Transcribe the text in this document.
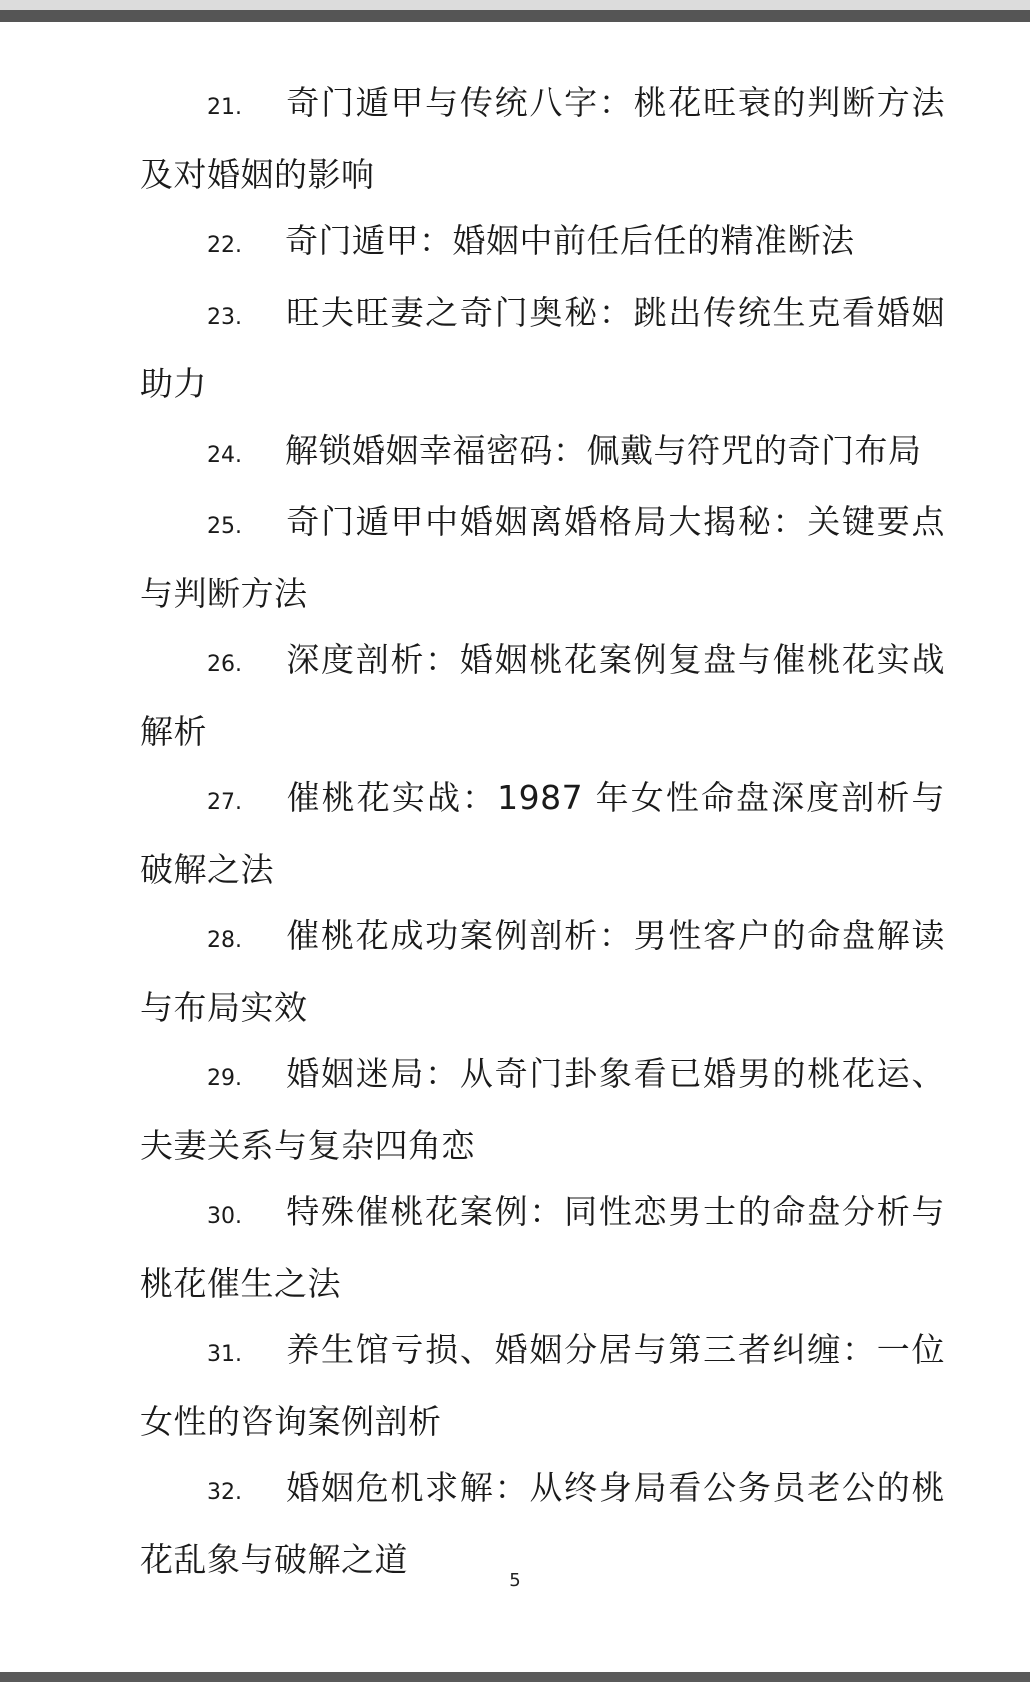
21. 奇门遁甲与传统八字：桃花旺衰的判断方法及对婚姻的影响
22. 奇门遁甲：婚姻中前任后任的精准断法
23. 旺夫旺妻之奇门奥秘：跳出传统生克看婚姻助力
24. 解锁婚姻幸福密码：佩戴与符咒的奇门布局
25. 奇门遁甲中婚姻离婚格局大揭秘：关键要点与判断方法
26. 深度剖析：婚姻桃花案例复盘与催桃花实战解析
27. 催桃花实战：1987 年女性命盘深度剖析与破解之法
28. 催桃花成功案例剖析：男性客户的命盘解读与布局实效
29. 婚姻迷局：从奇门卦象看已婚男的桃花运、夫妻关系与复杂四角恋
30. 特殊催桃花案例：同性恋男士的命盘分析与桃花催生之法
31. 养生馆亏损、婚姻分居与第三者纠缠：一位女性的咨询案例剖析
32. 婚姻危机求解：从终身局看公务员老公的桃花乱象与破解之道
5
